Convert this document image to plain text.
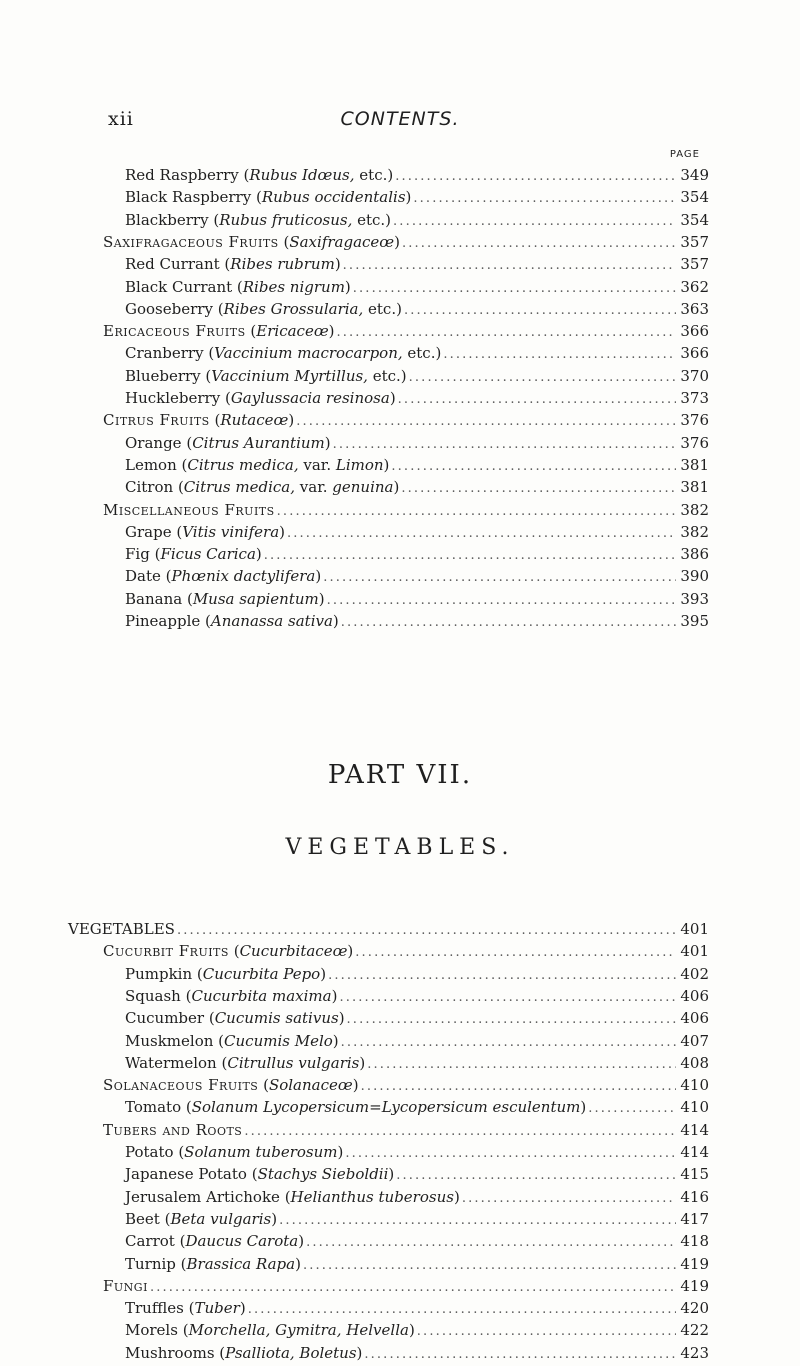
xii	CONTENTS.
PAGE
Red Raspberry (Rubus Idœus, etc.) . . .	349
Black Raspberry (Rubus occidentalis) . . .	354
Blackberry (Rubus fruticosus, etc.) . . .	354
Saxifragaceous Fruits (Saxifragaceœ) . . .	357
Red Currant (Ribes rubrum) . . .	357
Black Currant (Ribes nigrum) . . .	362
Gooseberry (Ribes Grossularia, etc.) . . .	363
Ericaceous Fruits (Ericaceœ) . . .	366
Cranberry (Vaccinium macrocarpon, etc.) . . .	366
Blueberry (Vaccinium Myrtillus, etc.) . . .	370
Huckleberry (Gaylussacia resinosa) . . .	373
Citrus Fruits (Rutaceœ) . . .	376
Orange (Citrus Aurantium) . . .	376
Lemon (Citrus medica, var. Limon) . . .	381
Citron (Citrus medica, var. genuina) . . .	381
Miscellaneous Fruits . . .	382
Grape (Vitis vinifera) . . .	382
Fig (Ficus Carica) . . .	386
Date (Phœnix dactylifera) . . .	390
Banana (Musa sapientum) . . .	393
Pineapple (Ananassa sativa) . . .	395
PART VII.
VEGETABLES.
VEGETABLES . . .	401
Cucurbit Fruits (Cucurbitaceœ) . . .	401
Pumpkin (Cucurbita Pepo) . . .	402
Squash (Cucurbita maxima) . . .	406
Cucumber (Cucumis sativus) . . .	406
Muskmelon (Cucumis Melo) . . .	407
Watermelon (Citrullus vulgaris) . . .	408
Solanaceous Fruits (Solanaceœ) . . .	410
Tomato (Solanum Lycopersicum=Lycopersicum esculentum) . . .	410
Tubers and Roots . . .	414
Potato (Solanum tuberosum) . . .	414
Japanese Potato (Stachys Sieboldii) . . .	415
Jerusalem Artichoke (Helianthus tuberosus) . . .	416
Beet (Beta vulgaris) . . .	417
Carrot (Daucus Carota) . . .	418
Turnip (Brassica Rapa) . . .	419
Fungi . . .	419
Truffles (Tuber) . . .	420
Morels (Morchella, Gymitra, Helvella) . . .	422
Mushrooms (Psalliota, Boletus) . . .	423
